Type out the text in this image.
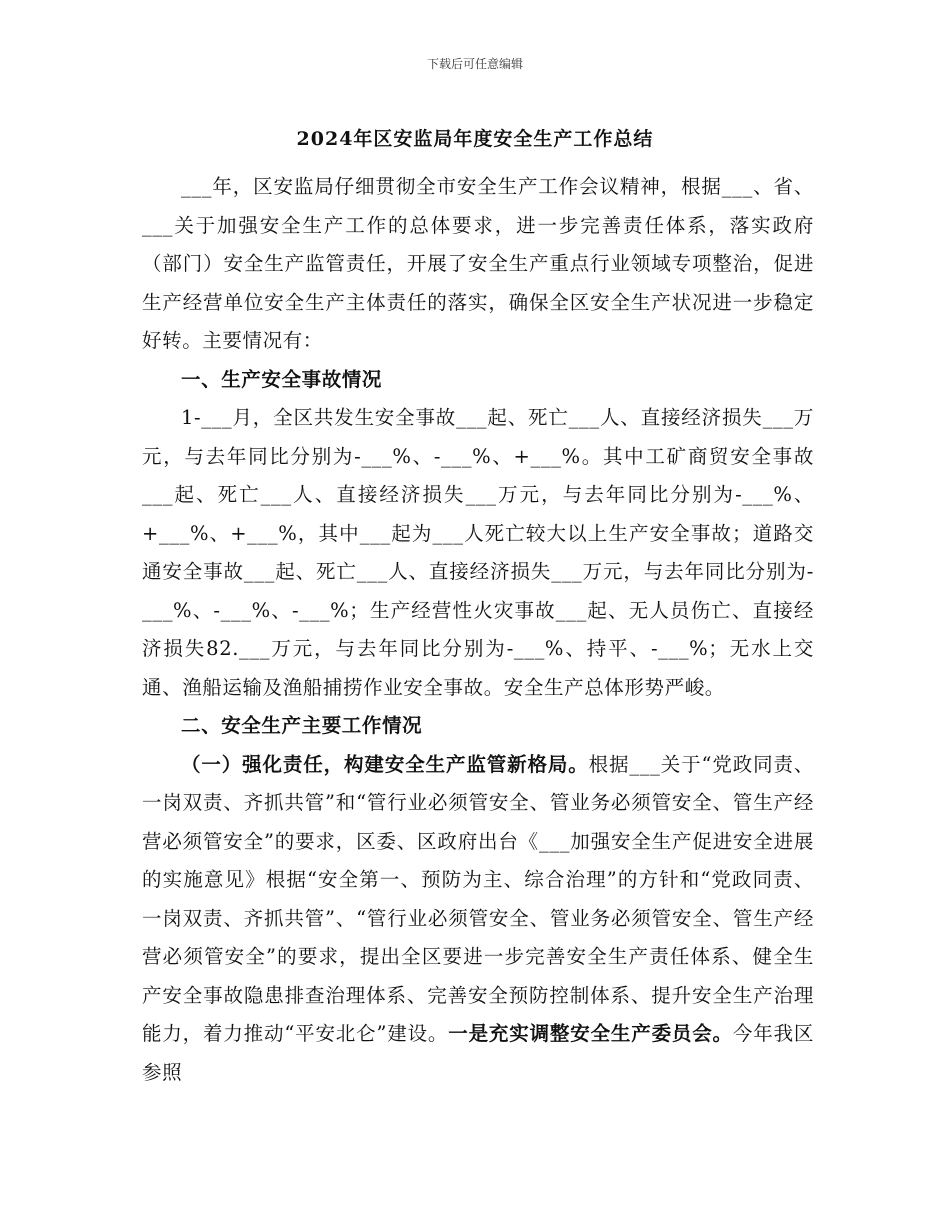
下载后可任意编辑
2024年区安监局年度安全生产工作总结

___年，区安监局仔细贯彻全市安全生产工作会议精神，根据___、省、___关于加强安全生产工作的总体要求，进一步完善责任体系，落实政府（部门）安全生产监管责任，开展了安全生产重点行业领域专项整治，促进生产经营单位安全生产主体责任的落实，确保全区安全生产状况进一步稳定好转。主要情况有：

一、生产安全事故情况

1-___月，全区共发生安全事故___起、死亡___人、直接经济损失___万元，与去年同比分别为-___%、-___%、+___%。其中工矿商贸安全事故___起、死亡___人、直接经济损失___万元，与去年同比分别为-___%、+___%、+___%，其中___起为___人死亡较大以上生产安全事故；道路交通安全事故___起、死亡___人、直接经济损失___万元，与去年同比分别为-___%、-___%、-___%；生产经营性火灾事故___起、无人员伤亡、直接经济损失82.___万元，与去年同比分别为-___%、持平、-___%；无水上交通、渔船运输及渔船捕捞作业安全事故。安全生产总体形势严峻。

二、安全生产主要工作情况

（一）强化责任，构建安全生产监管新格局。根据___关于“党政同责、一岗双责、齐抓共管”和“管行业必须管安全、管业务必须管安全、管生产经营必须管安全”的要求，区委、区政府出台《___加强安全生产促进安全进展的实施意见》根据“安全第一、预防为主、综合治理”的方针和“党政同责、一岗双责、齐抓共管”、“管行业必须管安全、管业务必须管安全、管生产经营必须管安全”的要求，提出全区要进一步完善安全生产责任体系、健全生产安全事故隐患排查治理体系、完善安全预防控制体系、提升安全生产治理能力，着力推动“平安北仑”建设。一是充实调整安全生产委员会。今年我区参照
